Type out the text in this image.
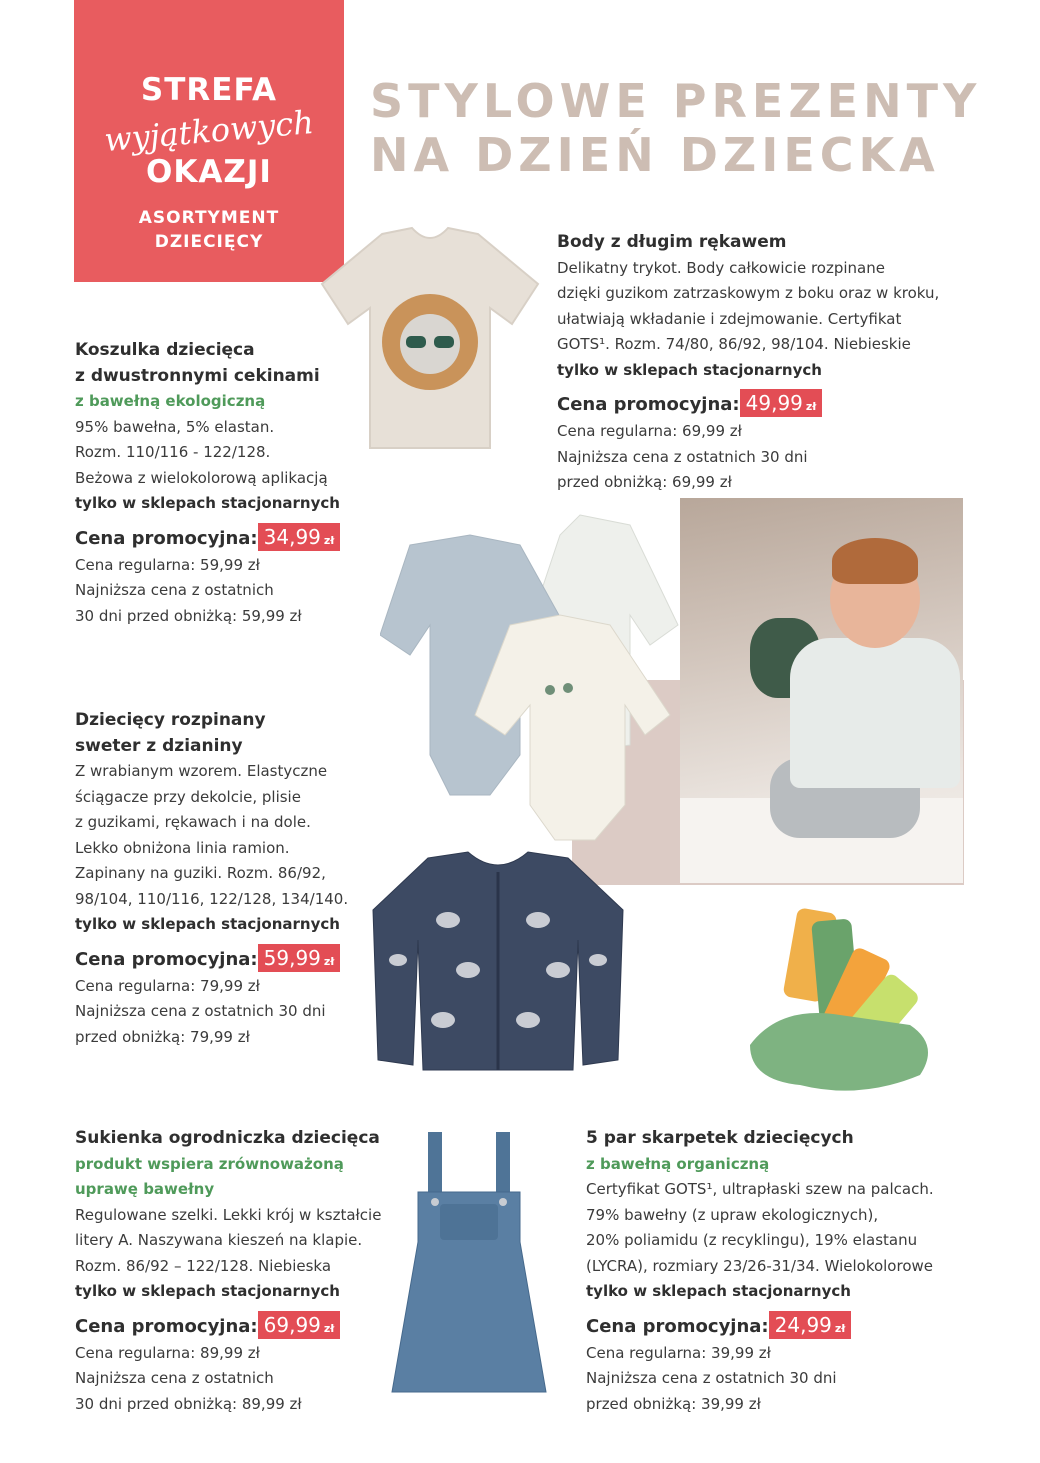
STREFA
wyjątkowych
OKAZJI
ASORTYMENT
DZIECIĘCY
STYLOWE PREZENTY
NA DZIEŃ DZIECKA
Koszulka dziecięca
z dwustronnymi cekinami
z bawełną ekologiczną
95% bawełna, 5% elastan.
Rozm. 110/116 - 122/128.
Beżowa z wielokolorową aplikacją
tylko w sklepach stacjonarnych
Cena promocyjna: 34,99 zł
Cena regularna: 59,99 zł
Najniższa cena z ostatnich
30 dni przed obniżką: 59,99 zł
Body z długim rękawem
Delikatny trykot. Body całkowicie rozpinane
dzięki guzikom zatrzaskowym z boku oraz w kroku,
ułatwiają wkładanie i zdejmowanie. Certyfikat
GOTS¹. Rozm. 74/80, 86/92, 98/104. Niebieskie
tylko w sklepach stacjonarnych
Cena promocyjna: 49,99 zł
Cena regularna: 69,99 zł
Najniższa cena z ostatnich 30 dni
przed obniżką: 69,99 zł
Dziecięcy rozpinany
sweter z dzianiny
Z wrabianym wzorem. Elastyczne
ściągacze przy dekolcie, plisie
z guzikami, rękawach i na dole.
Lekko obniżona linia ramion.
Zapinany na guziki. Rozm. 86/92,
98/104, 110/116, 122/128, 134/140.
tylko w sklepach stacjonarnych
Cena promocyjna: 59,99 zł
Cena regularna: 79,99 zł
Najniższa cena z ostatnich 30 dni
przed obniżką: 79,99 zł
Sukienka ogrodniczka dziecięca
produkt wspiera zrównoważoną
uprawę bawełny
Regulowane szelki. Lekki krój w kształcie
litery A. Naszywana kieszeń na klapie.
Rozm. 86/92 – 122/128. Niebieska
tylko w sklepach stacjonarnych
Cena promocyjna: 69,99 zł
Cena regularna: 89,99 zł
Najniższa cena z ostatnich
30 dni przed obniżką: 89,99 zł
5 par skarpetek dziecięcych
z bawełną organiczną
Certyfikat GOTS¹, ultrapłaski szew na palcach.
79% bawełny (z upraw ekologicznych),
20% poliamidu (z recyklingu), 19% elastanu
(LYCRA), rozmiary 23/26-31/34. Wielokolorowe
tylko w sklepach stacjonarnych
Cena promocyjna: 24,99 zł
Cena regularna: 39,99 zł
Najniższa cena z ostatnich 30 dni
przed obniżką: 39,99 zł
